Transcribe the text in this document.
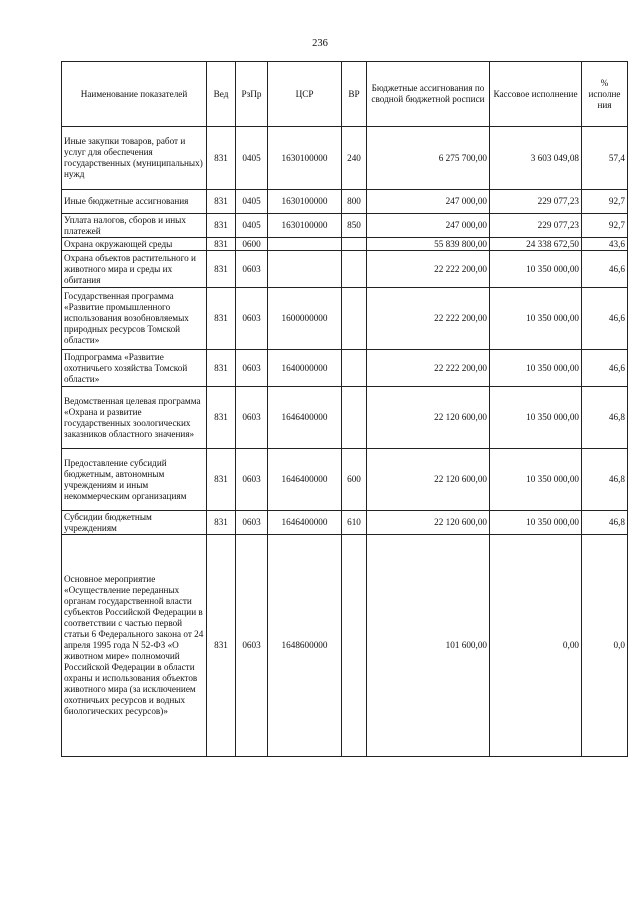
236
Наименование показателей	Вед	РзПр	ЦСР	ВР	Бюджетные ассигнования по сводной бюджетной росписи	Кассовое исполнение	% исполне ния
Иные закупки товаров, работ и услуг для обеспечения государственных (муниципальных) нужд	831	0405	1630100000	240	6 275 700,00	3 603 049,08	57,4
Иные бюджетные ассигнования	831	0405	1630100000	800	247 000,00	229 077,23	92,7
Уплата налогов, сборов и иных платежей	831	0405	1630100000	850	247 000,00	229 077,23	92,7
Охрана окружающей среды	831	0600			55 839 800,00	24 338 672,50	43,6
Охрана объектов растительного и животного мира и среды их обитания	831	0603			22 222 200,00	10 350 000,00	46,6
Государственная программа «Развитие промышленного использования возобновляемых природных ресурсов Томской области»	831	0603	1600000000		22 222 200,00	10 350 000,00	46,6
Подпрограмма «Развитие охотничьего хозяйства Томской области»	831	0603	1640000000		22 222 200,00	10 350 000,00	46,6
Ведомственная целевая программа «Охрана и развитие государственных зоологических заказников областного значения»	831	0603	1646400000		22 120 600,00	10 350 000,00	46,8
Предоставление субсидий бюджетным, автономным учреждениям и иным некоммерческим организациям	831	0603	1646400000	600	22 120 600,00	10 350 000,00	46,8
Субсидии бюджетным учреждениям	831	0603	1646400000	610	22 120 600,00	10 350 000,00	46,8
Основное мероприятие «Осуществление переданных органам государственной власти субъектов Российской Федерации в соответствии с частью первой статьи 6 Федерального закона от 24 апреля 1995 года N 52-ФЗ «О животном мире» полномочий Российской Федерации в области охраны и использования объектов животного мира (за исключением охотничьих ресурсов и водных биологических ресурсов)»	831	0603	1648600000		101 600,00	0,00	0,0
